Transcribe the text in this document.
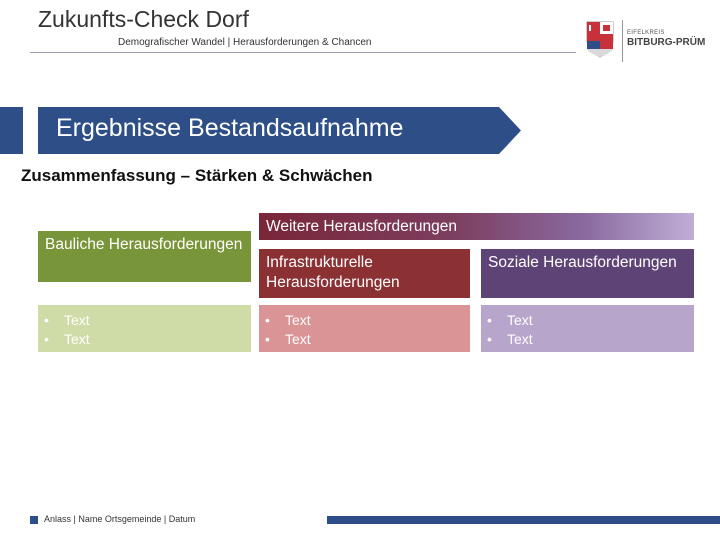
Zukunfts-Check Dorf
Demografischer Wandel | Herausforderungen & Chancen
EIFELKREIS
BITBURG-PRÜM
Ergebnisse Bestandsaufnahme
Zusammenfassung – Stärken & Schwächen
Bauliche Herausforderungen
• Text
• Text
Weitere Herausforderungen
Infrastrukturelle Herausforderungen
• Text
• Text
Soziale Herausforderungen
• Text
• Text
Anlass | Name Ortsgemeinde | Datum
